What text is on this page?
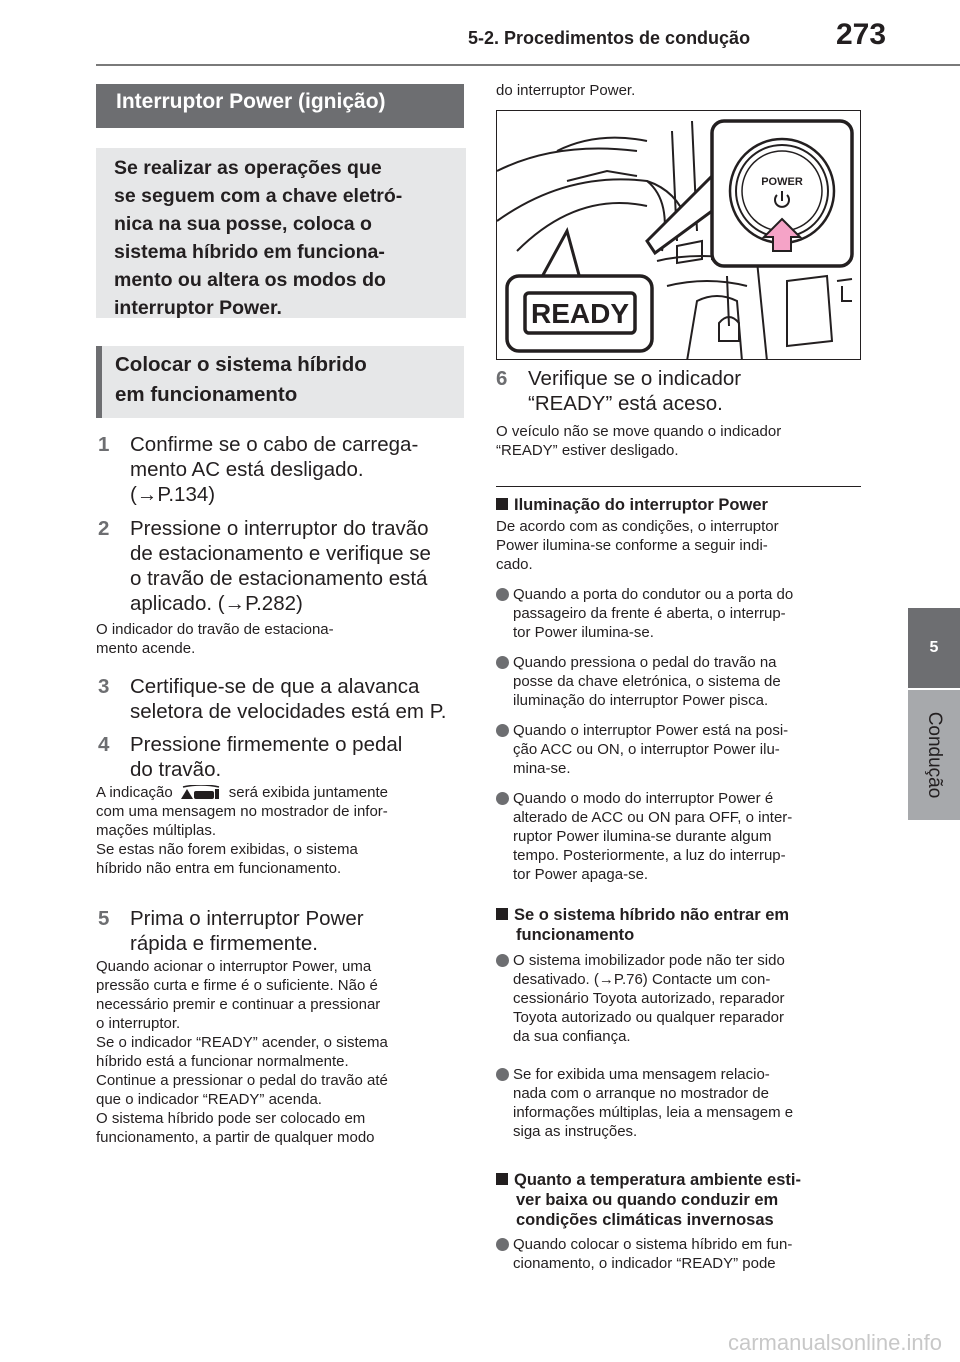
5-2. Procedimentos de condução	273
5
Condução
Interruptor Power (ignição)
Se realizar as operações que
se seguem com a chave eletró-
nica na sua posse, coloca o
sistema híbrido em funciona-
mento ou altera os modos do
interruptor Power.
Colocar o sistema híbrido
em funcionamento
1	Confirme se o cabo de carrega-
mento AC está desligado.
(→P.134)
2	Pressione o interruptor do travão
de estacionamento e verifique se
o travão de estacionamento está
aplicado. (→P.282)

O indicador do travão de estaciona-

mento acende.

3	Certifique-se de que a alavanca
seletora de velocidades está em P.
4	Pressione firmemente o pedal
do travão.

A indicação	será exibida juntamente

com uma mensagem no mostrador de infor-

mações múltiplas.

Se estas não forem exibidas, o sistema

híbrido não entra em funcionamento.

5	Prima o interruptor Power
rápida e firmemente.

Quando acionar o interruptor Power, uma

pressão curta e firme é o suficiente. Não é

necessário premir e continuar a pressionar

o interruptor.

Se o indicador “READY” acender, o sistema

híbrido está a funcionar normalmente.

Continue a pressionar o pedal do travão até

que o indicador “READY” acenda.

O sistema híbrido pode ser colocado em

funcionamento, a partir de qualquer modo

do interruptor Power.
POWER
READY
6	Verifique se o indicador
“READY” está aceso.
O veículo não se move quando o indicador
“READY” estiver desligado.
Iluminação do interruptor Power
De acordo com as condições, o interruptor
Power ilumina-se conforme a seguir indi-
cado.
Quando a porta do condutor ou a porta do
passageiro da frente é aberta, o interrup-
tor Power ilumina-se.
Quando pressiona o pedal do travão na
posse da chave eletrónica, o sistema de
iluminação do interruptor Power pisca.
Quando o interruptor Power está na posi-
ção ACC ou ON, o interruptor Power ilu-
mina-se.
Quando o modo do interruptor Power é
alterado de ACC ou ON para OFF, o inter-
ruptor Power ilumina-se durante algum
tempo. Posteriormente, a luz do interrup-
tor Power apaga-se.
Se o sistema híbrido não entrar em
funcionamento
O sistema imobilizador pode não ter sido
desativado. (→P.76) Contacte um con-
cessionário Toyota autorizado, reparador
Toyota autorizado ou qualquer reparador
da sua confiança.
Se for exibida uma mensagem relacio-
nada com o arranque no mostrador de
informações múltiplas, leia a mensagem e
siga as instruções.
Quanto a temperatura ambiente esti-
ver baixa ou quando conduzir em
condições climáticas invernosas
Quando colocar o sistema híbrido em fun-
cionamento, o indicador “READY” pode
carmanualsonline.info
